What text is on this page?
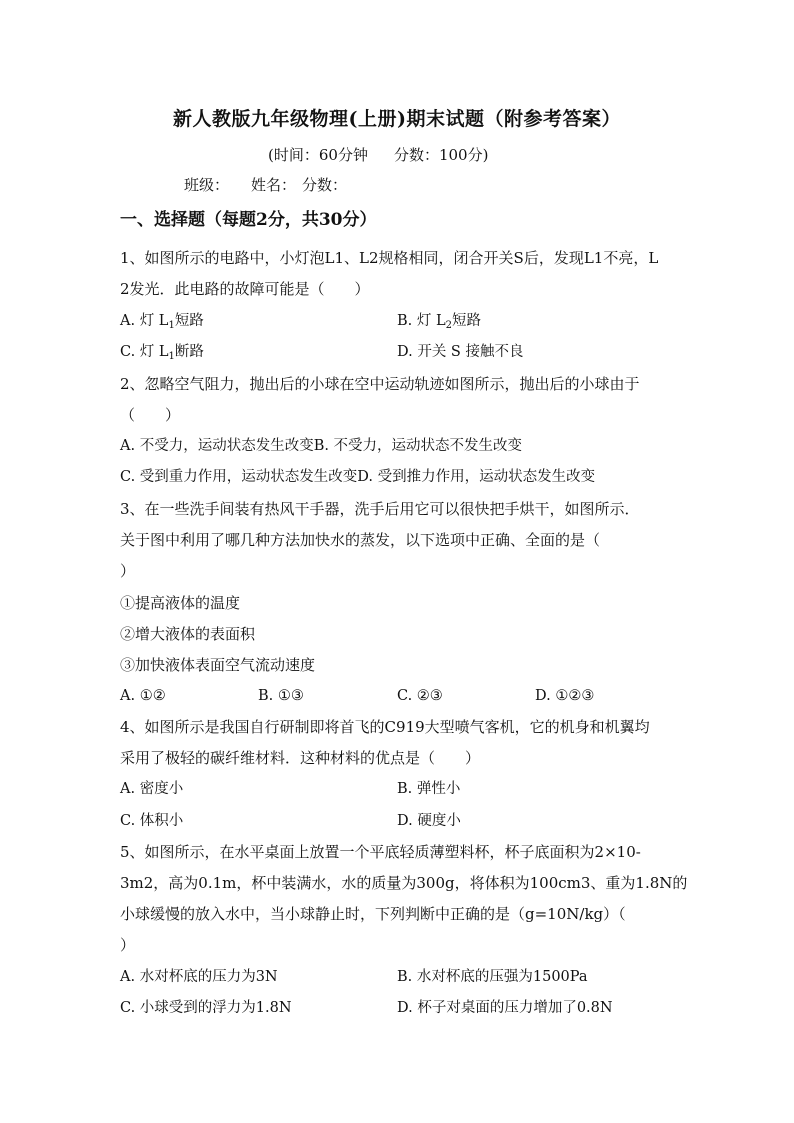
新人教版九年级物理(上册)期末试题（附参考答案）
(时间：60分钟 分数：100分)
班级： 姓名： 分数：
一、选择题（每题2分，共30分）
1、如图所示的电路中，小灯泡L1、L2规格相同，闭合开关S后，发现L1不亮，L
2发光．此电路的故障可能是（　　）
A. 灯 $L_1$短路	B. 灯 $L_2$短路
C. 灯 $L_1$断路	D. 开关 S 接触不良
2、忽略空气阻力，抛出后的小球在空中运动轨迹如图所示，抛出后的小球由于
（　　）
A. 不受力，运动状态发生改变B. 不受力，运动状态不发生改变
C. 受到重力作用，运动状态发生改变D. 受到推力作用，运动状态发生改变
3、在一些洗手间装有热风干手器，洗手后用它可以很快把手烘干，如图所示．
关于图中利用了哪几种方法加快水的蒸发，以下选项中正确、全面的是（
）
①提高液体的温度
②增大液体的表面积
③加快液体表面空气流动速度
A. ①②	B. ①③	C. ②③	D. ①②③
4、如图所示是我国自行研制即将首飞的C919大型喷气客机，它的机身和机翼均
采用了极轻的碳纤维材料．这种材料的优点是（　　）
A. 密度小	B. 弹性小
C. 体积小	D. 硬度小
5、如图所示，在水平桌面上放置一个平底轻质薄塑料杯，杯子底面积为2×10-
3m2，高为0.1m，杯中装满水，水的质量为300g，将体积为100cm3、重为1.8N的
小球缓慢的放入水中，当小球静止时，下列判断中正确的是（g=10N/kg）（
）
A. 水对杯底的压力为3N	B. 水对杯底的压强为1500Pa
C. 小球受到的浮力为1.8N	D. 杯子对桌面的压力增加了0.8N
